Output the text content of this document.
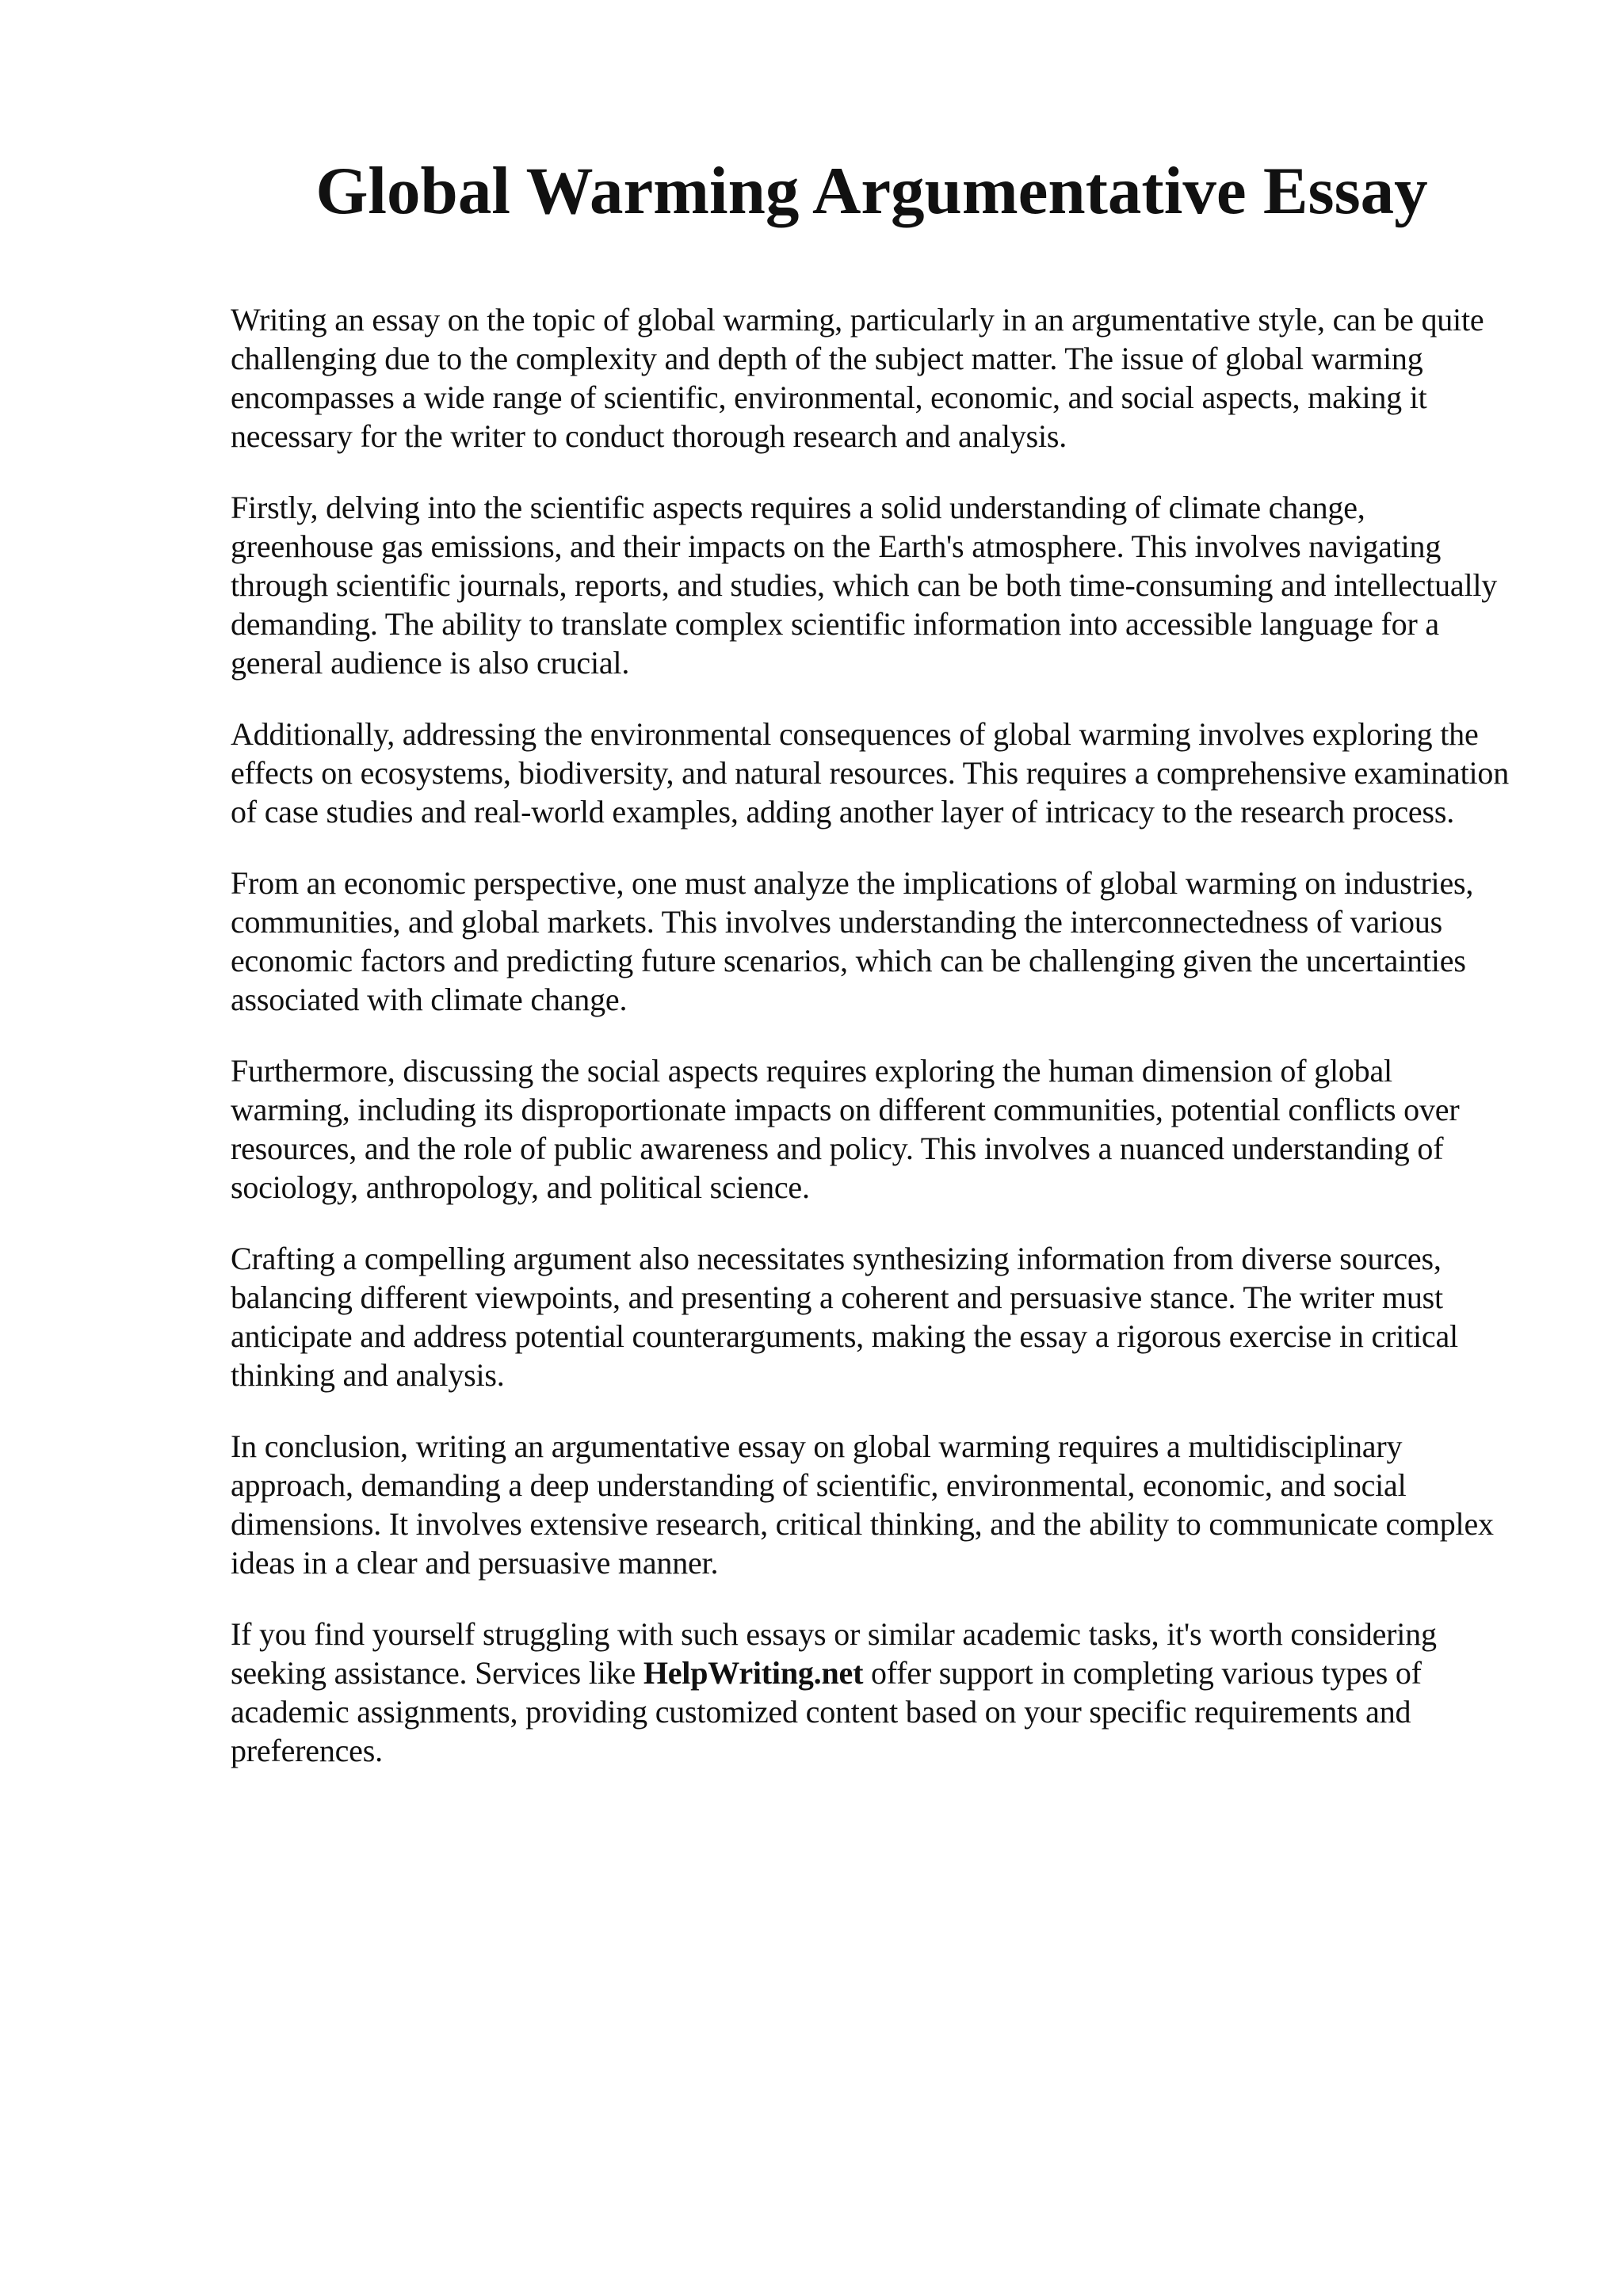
Global Warming Argumentative Essay

Writing an essay on the topic of global warming, particularly in an argumentative style, can be quite challenging due to the complexity and depth of the subject matter. The issue of global warming encompasses a wide range of scientific, environmental, economic, and social aspects, making it necessary for the writer to conduct thorough research and analysis.

Firstly, delving into the scientific aspects requires a solid understanding of climate change, greenhouse gas emissions, and their impacts on the Earth's atmosphere. This involves navigating through scientific journals, reports, and studies, which can be both time-consuming and intellectually demanding. The ability to translate complex scientific information into accessible language for a general audience is also crucial.

Additionally, addressing the environmental consequences of global warming involves exploring the effects on ecosystems, biodiversity, and natural resources. This requires a comprehensive examination of case studies and real-world examples, adding another layer of intricacy to the research process.

From an economic perspective, one must analyze the implications of global warming on industries, communities, and global markets. This involves understanding the interconnectedness of various economic factors and predicting future scenarios, which can be challenging given the uncertainties associated with climate change.

Furthermore, discussing the social aspects requires exploring the human dimension of global warming, including its disproportionate impacts on different communities, potential conflicts over resources, and the role of public awareness and policy. This involves a nuanced understanding of sociology, anthropology, and political science.

Crafting a compelling argument also necessitates synthesizing information from diverse sources, balancing different viewpoints, and presenting a coherent and persuasive stance. The writer must anticipate and address potential counterarguments, making the essay a rigorous exercise in critical thinking and analysis.

In conclusion, writing an argumentative essay on global warming requires a multidisciplinary approach, demanding a deep understanding of scientific, environmental, economic, and social dimensions. It involves extensive research, critical thinking, and the ability to communicate complex ideas in a clear and persuasive manner.

If you find yourself struggling with such essays or similar academic tasks, it's worth considering seeking assistance. Services like HelpWriting.net offer support in completing various types of academic assignments, providing customized content based on your specific requirements and preferences.
